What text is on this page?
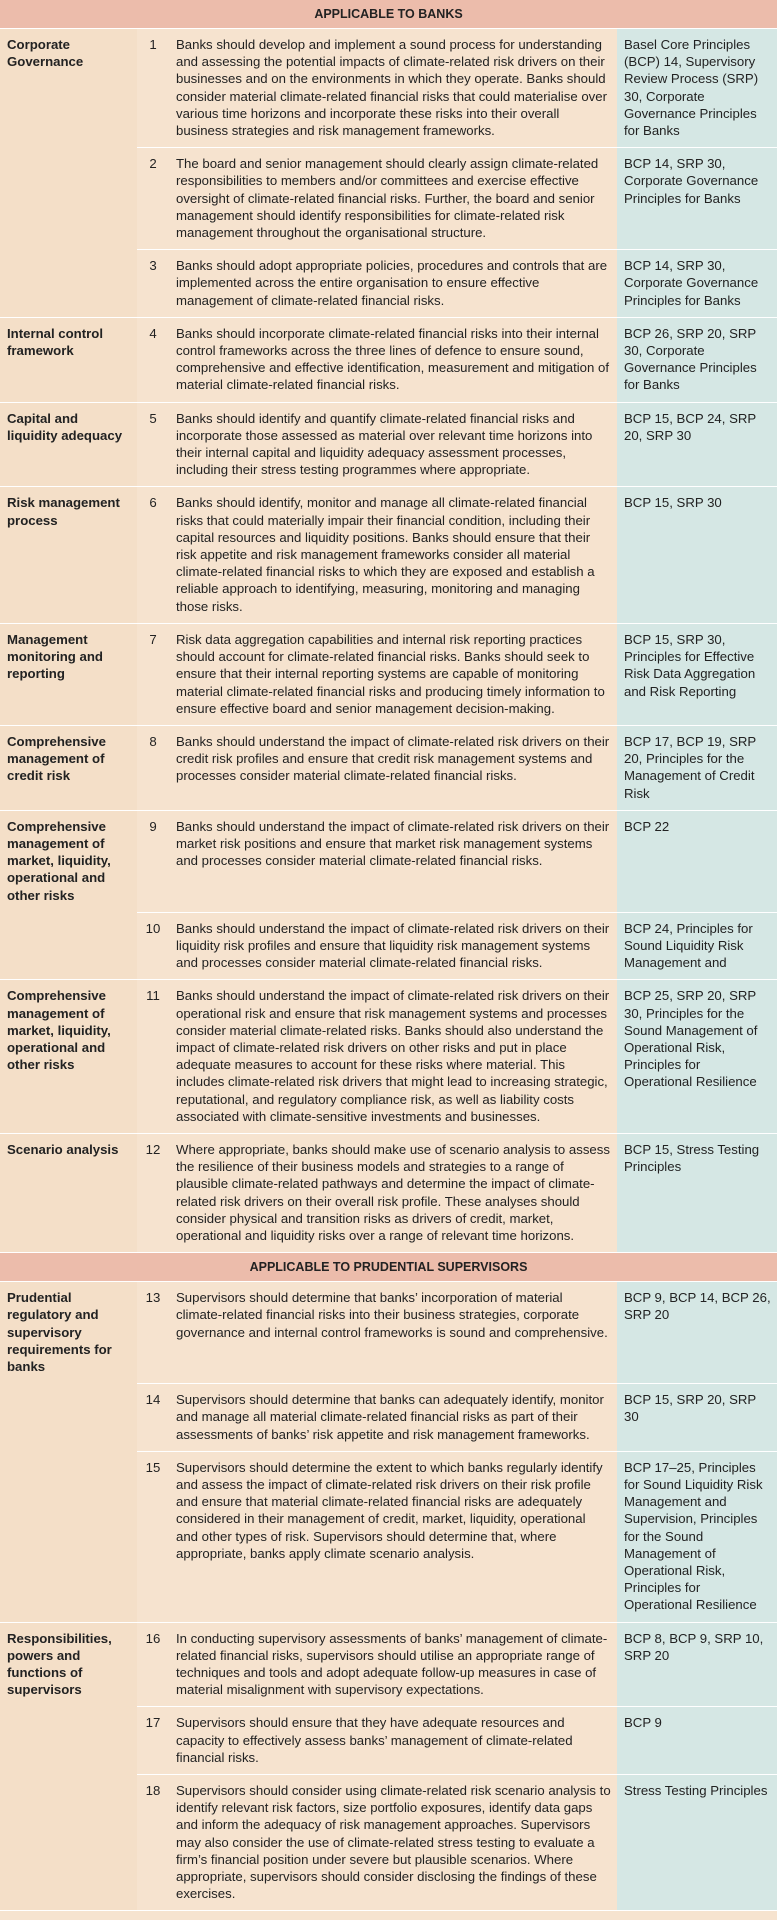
APPLICABLE TO BANKS			
Corporate Governance	1	Banks should develop and implement a sound process for understanding and assessing the potential impacts of climate-related risk drivers on their businesses and on the environments in which they operate. Banks should consider material climate-related financial risks that could materialise over various time horizons and incorporate these risks into their overall business strategies and risk management frameworks.	Basel Core Principles (BCP) 14, Supervisory Review Process (SRP) 30, Corporate Governance Principles for Banks
	2	The board and senior management should clearly assign climate-related responsibilities to members and/or committees and exercise effective oversight of climate-related financial risks. Further, the board and senior management should identify responsibilities for climate-related risk management throughout the organisational structure.	BCP 14, SRP 30, Corporate Governance Principles for Banks
	3	Banks should adopt appropriate policies, procedures and controls that are implemented across the entire organisation to ensure effective management of climate-related financial risks.	BCP 14, SRP 30, Corporate Governance Principles for Banks
Internal control framework	4	Banks should incorporate climate-related financial risks into their internal control frameworks across the three lines of defence to ensure sound, comprehensive and effective identification, measurement and mitigation of material climate-related financial risks.	BCP 26, SRP 20, SRP 30, Corporate Governance Principles for Banks
Capital and liquidity adequacy	5	Banks should identify and quantify climate-related financial risks and incorporate those assessed as material over relevant time horizons into their internal capital and liquidity adequacy assessment processes, including their stress testing programmes where appropriate.	BCP 15, BCP 24, SRP 20, SRP 30
Risk management process	6	Banks should identify, monitor and manage all climate-related financial risks that could materially impair their financial condition, including their capital resources and liquidity positions. Banks should ensure that their risk appetite and risk management frameworks consider all material climate-related financial risks to which they are exposed and establish a reliable approach to identifying, measuring, monitoring and managing those risks.	BCP 15, SRP 30
Management monitoring and reporting	7	Risk data aggregation capabilities and internal risk reporting practices should account for climate-related financial risks. Banks should seek to ensure that their internal reporting systems are capable of monitoring material climate-related financial risks and producing timely information to ensure effective board and senior management decision-making.	BCP 15, SRP 30, Principles for Effective Risk Data Aggregation and Risk Reporting
Comprehensive management of credit risk	8	Banks should understand the impact of climate-related risk drivers on their credit risk profiles and ensure that credit risk management systems and processes consider material climate-related financial risks.	BCP 17, BCP 19, SRP 20, Principles for the Management of Credit Risk
Comprehensive management of market, liquidity, operational and other risks	9	Banks should understand the impact of climate-related risk drivers on their market risk positions and ensure that market risk management systems and processes consider material climate-related financial risks.	BCP 22
	10	Banks should understand the impact of climate-related risk drivers on their liquidity risk profiles and ensure that liquidity risk management systems and processes consider material climate-related financial risks.	BCP 24, Principles for Sound Liquidity Risk Management and
Comprehensive management of market, liquidity, operational and other risks	11	Banks should understand the impact of climate-related risk drivers on their operational risk and ensure that risk management systems and processes consider material climate-related risks. Banks should also understand the impact of climate-related risk drivers on other risks and put in place adequate measures to account for these risks where material. This includes climate-related risk drivers that might lead to increasing strategic, reputational, and regulatory compliance risk, as well as liability costs associated with climate-sensitive investments and businesses.	BCP 25, SRP 20, SRP 30, Principles for the Sound Management of Operational Risk, Principles for Operational Resilience
Scenario analysis	12	Where appropriate, banks should make use of scenario analysis to assess the resilience of their business models and strategies to a range of plausible climate-related pathways and determine the impact of climate-related risk drivers on their overall risk profile. These analyses should consider physical and transition risks as drivers of credit, market, operational and liquidity risks over a range of relevant time horizons.	BCP 15, Stress Testing Principles
APPLICABLE TO PRUDENTIAL SUPERVISORS			
Prudential regulatory and supervisory requirements for banks	13	Supervisors should determine that banks’ incorporation of material climate-related financial risks into their business strategies, corporate governance and internal control frameworks is sound and comprehensive.	BCP 9, BCP 14, BCP 26, SRP 20
	14	Supervisors should determine that banks can adequately identify, monitor and manage all material climate-related financial risks as part of their assessments of banks’ risk appetite and risk management frameworks.	BCP 15, SRP 20, SRP 30
	15	Supervisors should determine the extent to which banks regularly identify and assess the impact of climate-related risk drivers on their risk profile and ensure that material climate-related financial risks are adequately considered in their management of credit, market, liquidity, operational and other types of risk. Supervisors should determine that, where appropriate, banks apply climate scenario analysis.	BCP 17–25, Principles for Sound Liquidity Risk Management and Supervision, Principles for the Sound Management of Operational Risk, Principles for Operational Resilience
Responsibilities, powers and functions of supervisors	16	In conducting supervisory assessments of banks’ management of climate-related financial risks, supervisors should utilise an appropriate range of techniques and tools and adopt adequate follow-up measures in case of material misalignment with supervisory expectations.	BCP 8, BCP 9, SRP 10, SRP 20
	17	Supervisors should ensure that they have adequate resources and capacity to effectively assess banks’ management of climate-related financial risks.	BCP 9
	18	Supervisors should consider using climate-related risk scenario analysis to identify relevant risk factors, size portfolio exposures, identify data gaps and inform the adequacy of risk management approaches. Supervisors may also consider the use of climate-related stress testing to evaluate a firm’s financial position under severe but plausible scenarios. Where appropriate, supervisors should consider disclosing the findings of these exercises.	Stress Testing Principles
